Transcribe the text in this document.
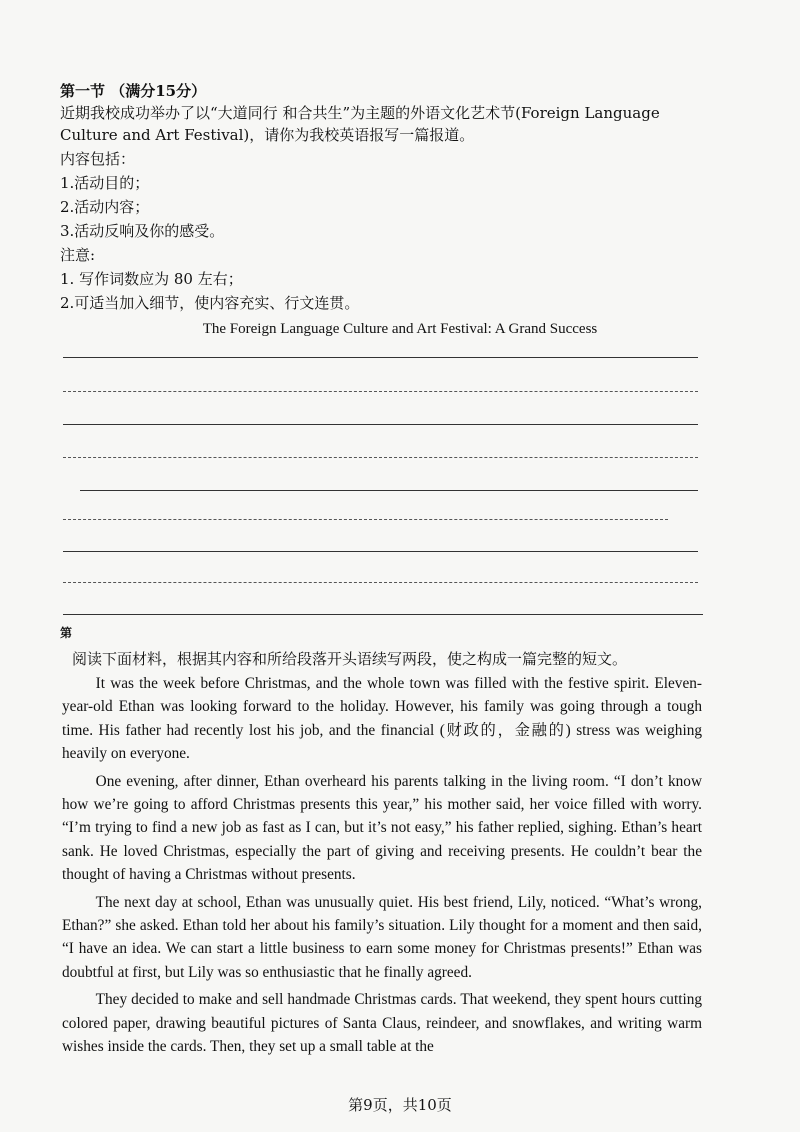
第一节 （满分15分）
近期我校成功举办了以“大道同行 和合共生”为主题的外语文化艺术节(Foreign Language Culture and Art Festival)，请你为我校英语报写一篇报道。
内容包括：
1.活动目的；
2.活动内容；
3.活动反响及你的感受。
注意:
1. 写作词数应为 80 左右；
2.可适当加入细节，使内容充实、行文连贯。
The Foreign Language Culture and Art Festival: A Grand Success
第
阅读下面材料，根据其内容和所给段落开头语续写两段，使之构成一篇完整的短文。

It was the week before Christmas, and the whole town was filled with the festive spirit. Eleven-year-old Ethan was looking forward to the holiday. However, his family was going through a tough time. His father had recently lost his job, and the financial (财政的，金融的) stress was weighing heavily on everyone.

One evening, after dinner, Ethan overheard his parents talking in the living room. “I don’t know how we’re going to afford Christmas presents this year,” his mother said, her voice filled with worry. “I’m trying to find a new job as fast as I can, but it’s not easy,” his father replied, sighing. Ethan’s heart sank. He loved Christmas, especially the part of giving and receiving presents. He couldn’t bear the thought of having a Christmas without presents.

The next day at school, Ethan was unusually quiet. His best friend, Lily, noticed. “What’s wrong, Ethan?” she asked. Ethan told her about his family’s situation. Lily thought for a moment and then said, “I have an idea. We can start a little business to earn some money for Christmas presents!” Ethan was doubtful at first, but Lily was so enthusiastic that he finally agreed.

They decided to make and sell handmade Christmas cards. That weekend, they spent hours cutting colored paper, drawing beautiful pictures of Santa Claus, reindeer, and snowflakes, and writing warm wishes inside the cards. Then, they set up a small table at the

第9页，共10页
